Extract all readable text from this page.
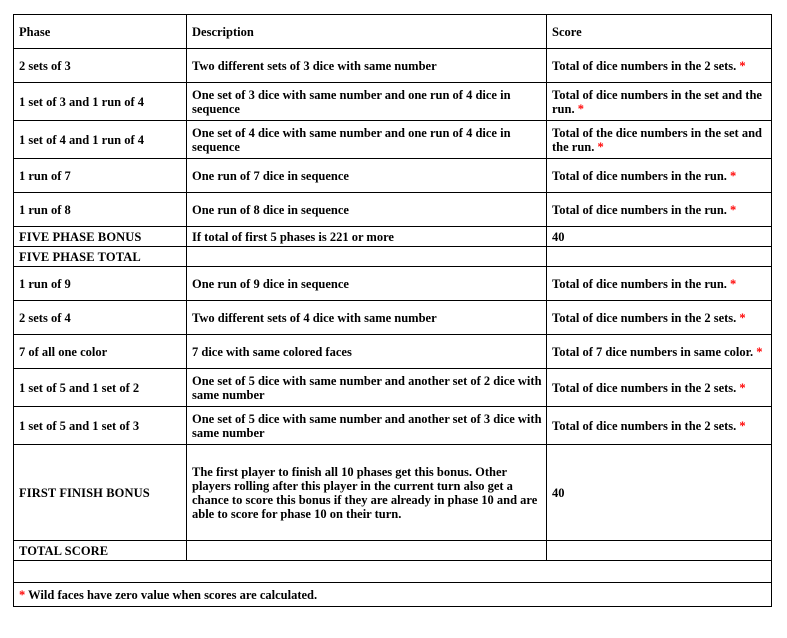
Phase	Description	Score
2 sets of 3	Two different sets of 3 dice with same number	Total of dice numbers in the 2 sets. *
1 set of 3 and 1 run of 4	One set of 3 dice with same number and one run of 4 dice in sequence	Total of dice numbers in the set and the run. *
1 set of 4 and 1 run of 4	One set of 4 dice with same number and one run of 4 dice in sequence	Total of the dice numbers in the set and the run. *
1 run of 7	One run of 7 dice in sequence	Total of dice numbers in the run. *
1 run of 8	One run of 8 dice in sequence	Total of dice numbers in the run. *
FIVE PHASE BONUS	If total of first 5 phases is 221 or more	40
FIVE PHASE TOTAL		
1 run of 9	One run of 9 dice in sequence	Total of dice numbers in the run. *
2 sets of 4	Two different sets of 4 dice with same number	Total of dice numbers in the 2 sets. *
7 of all one color	7 dice with same colored faces	Total of 7 dice numbers in same color. *
1 set of 5 and 1 set of 2	One set of 5 dice with same number and another set of 2 dice with same number	Total of dice numbers in the 2 sets. *
1 set of 5 and 1 set of 3	One set of 5 dice with same number and another set of 3 dice with same number	Total of dice numbers in the 2 sets. *
FIRST FINISH BONUS	The first player to finish all 10 phases get this bonus. Other players rolling after this player in the current turn also get a chance to score this bonus if they are already in phase 10 and are able to score for phase 10 on their turn.	40
TOTAL SCORE		

* Wild faces have zero value when scores are calculated.		
